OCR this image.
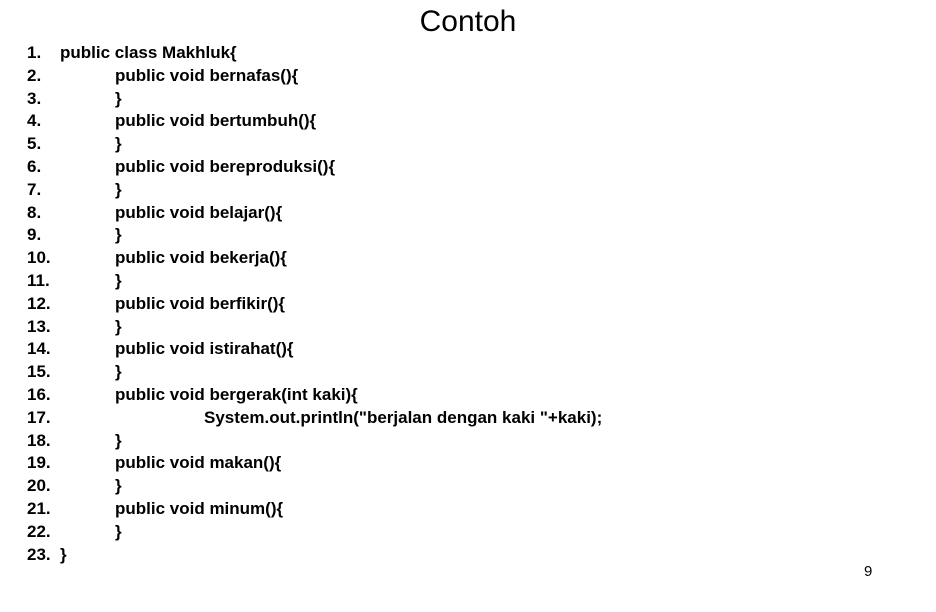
Contoh
1. public class Makhluk{
2.	public void bernafas(){
3.	}
4.	public void bertumbuh(){
5.	}
6.	public void bereproduksi(){
7.	}
8.	public void belajar(){
9.	}
10.	public void bekerja(){
11.	}
12.	public void berfikir(){
13.	}
14.	public void istirahat(){
15.	}
16.	public void bergerak(int kaki){
17.	System.out.println("berjalan dengan kaki "+kaki);
18.	}
19.	public void makan(){
20.	}
21.	public void minum(){
22.	}
23. }
9
